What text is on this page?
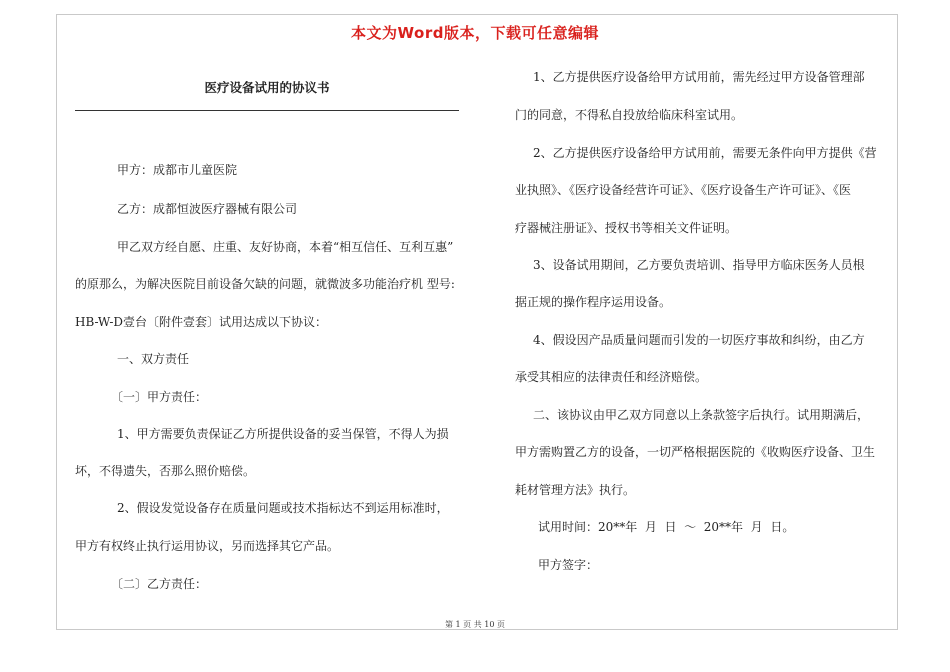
本文为Word版本，下载可任意编辑
医疗设备试用的协议书

甲方：成都市儿童医院

乙方：成都恒波医疗器械有限公司

甲乙双方经自愿、庄重、友好协商，本着“相互信任、互利互惠”

的原那么，为解决医院目前设备欠缺的问题，就微波多功能治疗机 型号:

HB-W-D壹台〔附件壹套〕试用达成以下协议：

一、双方责任

〔一〕甲方责任：

1、甲方需要负责保证乙方所提供设备的妥当保管，不得人为损

坏，不得遗失，否那么照价赔偿。

2、假设发觉设备存在质量问题或技术指标达不到运用标准时，

甲方有权终止执行运用协议，另而选择其它产品。

〔二〕乙方责任：

1、乙方提供医疗设备给甲方试用前，需先经过甲方设备管理部

门的同意，不得私自投放给临床科室试用。

2、乙方提供医疗设备给甲方试用前，需要无条件向甲方提供《营

业执照》、《医疗设备经营许可证》、《医疗设备生产许可证》、《医

疗器械注册证》、授权书等相关文件证明。

3、设备试用期间，乙方要负责培训、指导甲方临床医务人员根

据正规的操作程序运用设备。

4、假设因产品质量问题而引发的一切医疗事故和纠纷，由乙方

承受其相应的法律责任和经济赔偿。

二、该协议由甲乙双方同意以上条款签字后执行。试用期满后，

甲方需购置乙方的设备，一切严格根据医院的《收购医疗设备、卫生

耗材管理方法》执行。

试用时间：20**年  月  日  ～  20**年  月  日。

甲方签字：

第 1 页 共 10 页
